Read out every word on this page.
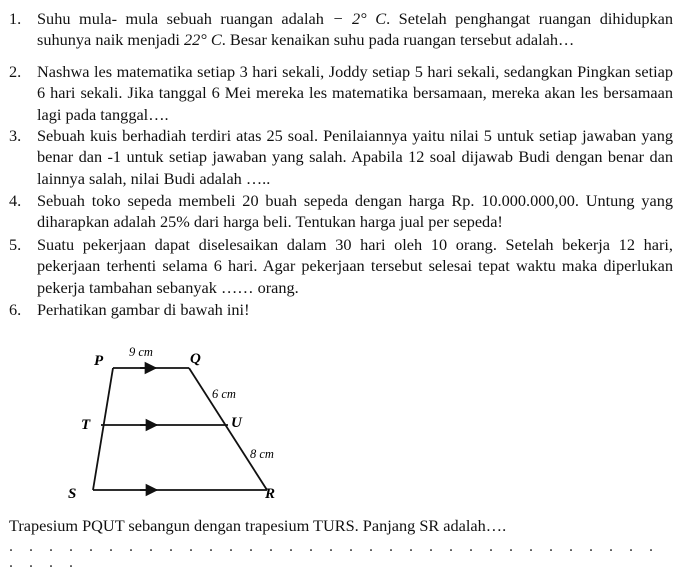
1. Suhu mula- mula sebuah ruangan adalah − 2° C. Setelah penghangat ruangan dihidupkan suhunya naik menjadi 22° C. Besar kenaikan suhu pada ruangan tersebut adalah…
2. Nashwa les matematika setiap 3 hari sekali, Joddy setiap 5 hari sekali, sedangkan Pingkan setiap 6 hari sekali. Jika tanggal 6 Mei mereka les matematika bersamaan, mereka akan les bersamaan lagi pada tanggal….
3. Sebuah kuis berhadiah terdiri atas 25 soal. Penilaiannya yaitu nilai 5 untuk setiap jawaban yang benar dan -1 untuk setiap jawaban yang salah. Apabila 12 soal dijawab Budi dengan benar dan lainnya salah, nilai Budi adalah …..
4. Sebuah toko sepeda membeli 20 buah sepeda dengan harga Rp. 10.000.000,00. Untung yang diharapkan adalah 25% dari harga beli. Tentukan harga jual per sepeda!
5. Suatu pekerjaan dapat diselesaikan dalam 30 hari oleh 10 orang. Setelah bekerja 12 hari, pekerjaan terhenti selama 6 hari. Agar pekerjaan tersebut selesai tepat waktu maka diperlukan pekerja tambahan sebanyak …… orang.
6. Perhatikan gambar di bawah ini!
P	Q
T	U
S	R
9 cm
6 cm
8 cm
Trapesium PQUT sebangun dengan trapesium TURS. Panjang SR adalah….
. . . . . . . . . . . . . . . . . . . . . . . . . . . . . . . . . . . . .
